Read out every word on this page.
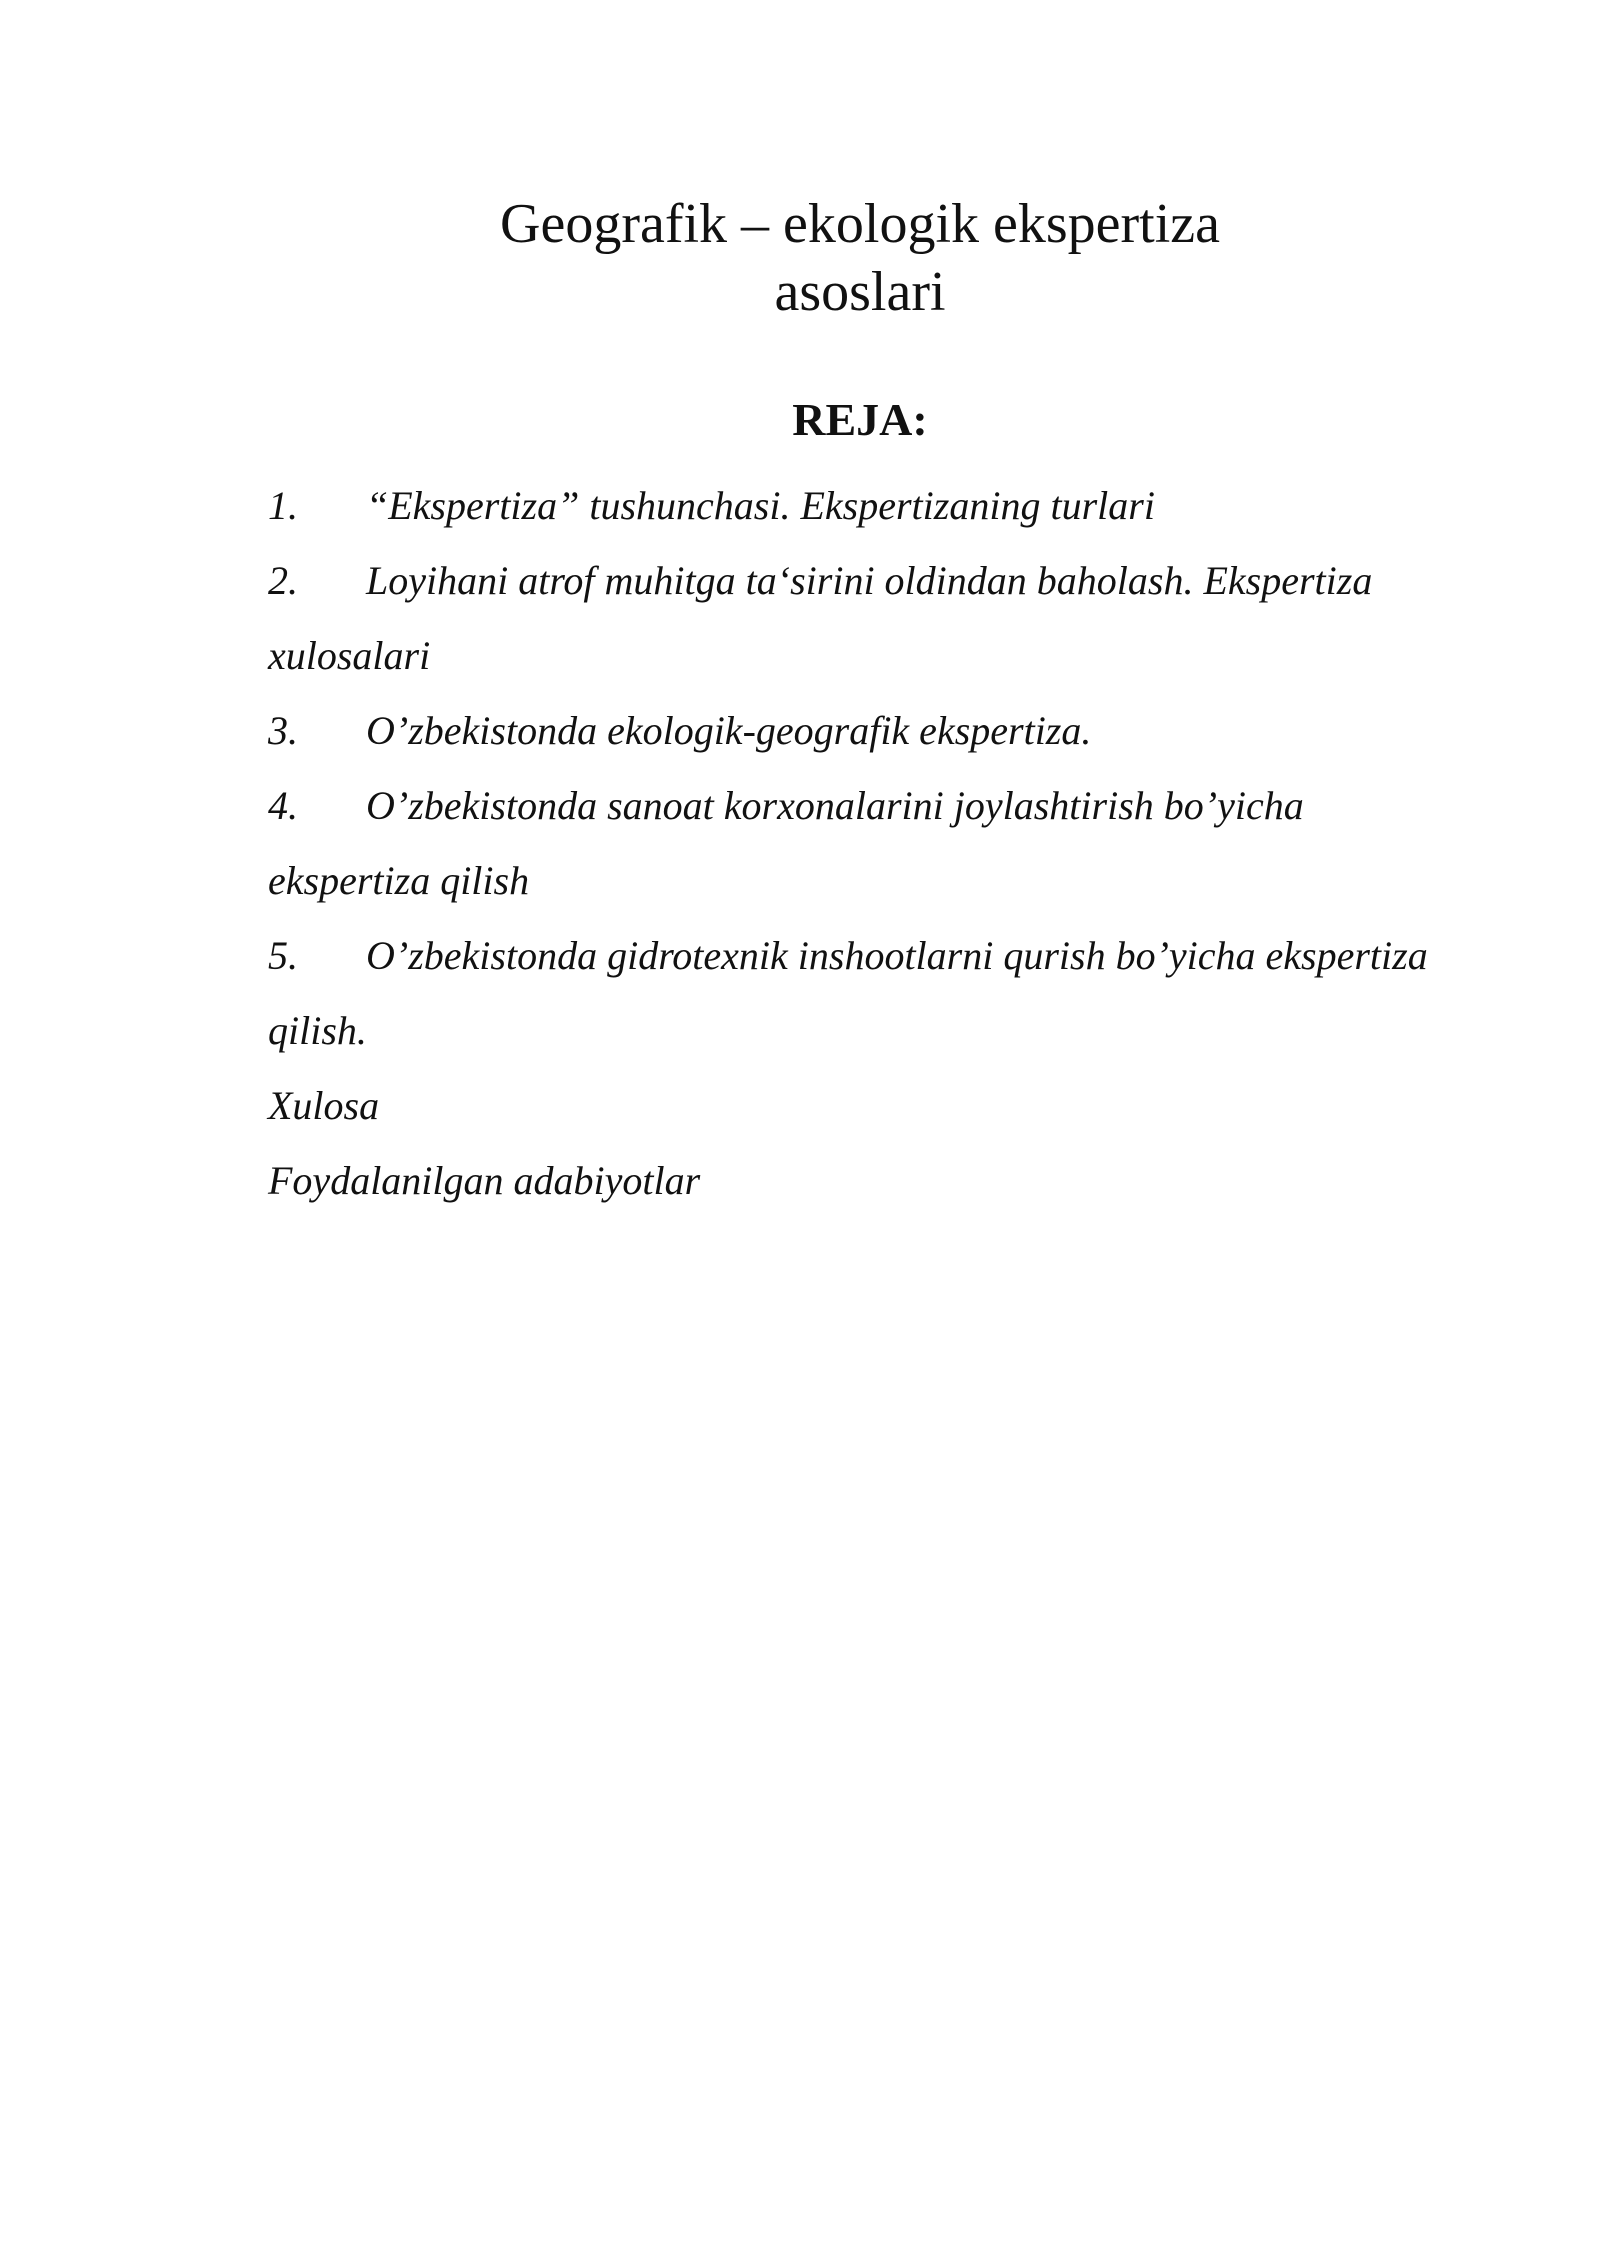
Geografik – ekologik ekspertiza
asoslari
REJA:
1. “Ekspertiza” tushunchasi. Ekspertizaning turlari
2. Loyihani atrof muhitga ta‘sirini oldindan baholash. Ekspertiza
xulosalari
3. O’zbekistonda ekologik-geografik ekspertiza.
4. O’zbekistonda sanoat korxonalarini joylashtirish bo’yicha
ekspertiza qilish
5. O’zbekistonda gidrotexnik inshootlarni qurish bo’yicha ekspertiza
qilish.
Xulosa
Foydalanilgan adabiyotlar
